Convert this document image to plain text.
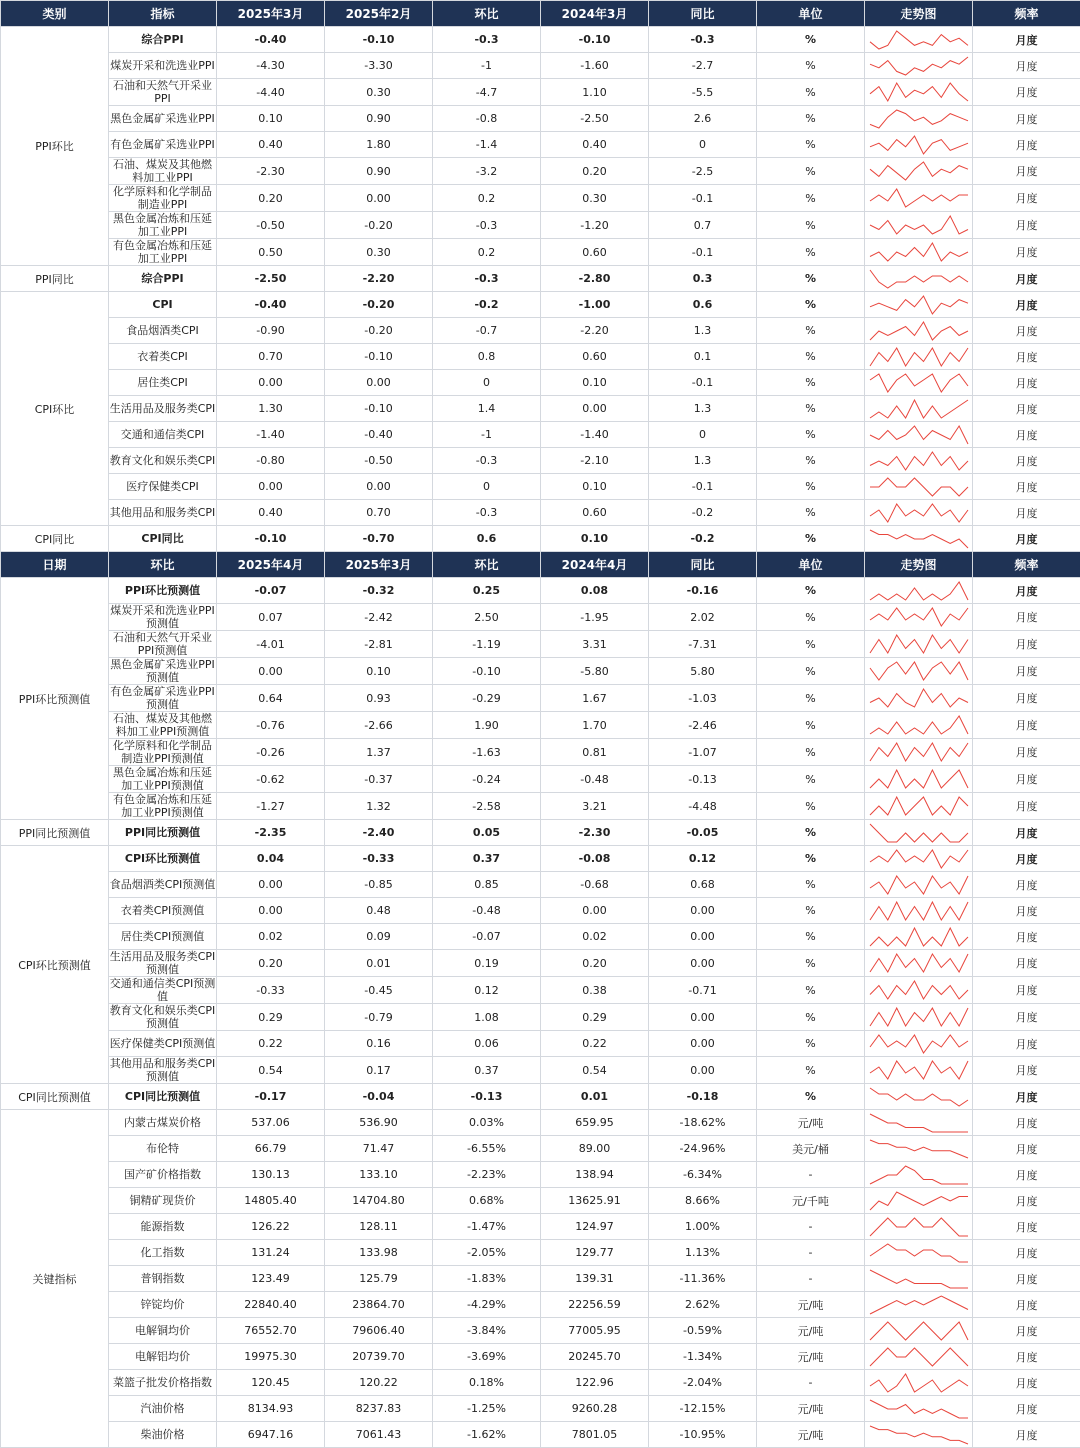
类别	指标	2025年3月	2025年2月	环比	2024年3月	同比	单位	走势图	频率
PPI环比	综合PPI	-0.40	-0.10	-0.3	-0.10	-0.3	%		月度
	煤炭开采和洗选业PPI	-4.30	-3.30	-1	-1.60	-2.7	%		月度
	石油和天然气开采业PPI	-4.40	0.30	-4.7	1.10	-5.5	%		月度
	黑色金属矿采选业PPI	0.10	0.90	-0.8	-2.50	2.6	%		月度
	有色金属矿采选业PPI	0.40	1.80	-1.4	0.40	0	%		月度
	石油、煤炭及其他燃料加工业PPI	-2.30	0.90	-3.2	0.20	-2.5	%		月度
	化学原料和化学制品制造业PPI	0.20	0.00	0.2	0.30	-0.1	%		月度
	黑色金属冶炼和压延加工业PPI	-0.50	-0.20	-0.3	-1.20	0.7	%		月度
	有色金属冶炼和压延加工业PPI	0.50	0.30	0.2	0.60	-0.1	%		月度
PPI同比	综合PPI	-2.50	-2.20	-0.3	-2.80	0.3	%		月度
CPI环比	CPI	-0.40	-0.20	-0.2	-1.00	0.6	%		月度
	食品烟酒类CPI	-0.90	-0.20	-0.7	-2.20	1.3	%		月度
	衣着类CPI	0.70	-0.10	0.8	0.60	0.1	%		月度
	居住类CPI	0.00	0.00	0	0.10	-0.1	%		月度
	生活用品及服务类CPI	1.30	-0.10	1.4	0.00	1.3	%		月度
	交通和通信类CPI	-1.40	-0.40	-1	-1.40	0	%		月度
	教育文化和娱乐类CPI	-0.80	-0.50	-0.3	-2.10	1.3	%		月度
	医疗保健类CPI	0.00	0.00	0	0.10	-0.1	%		月度
	其他用品和服务类CPI	0.40	0.70	-0.3	0.60	-0.2	%		月度
CPI同比	CPI同比	-0.10	-0.70	0.6	0.10	-0.2	%		月度
日期	环比	2025年4月	2025年3月	环比	2024年4月	同比	单位	走势图	频率
PPI环比预测值	PPI环比预测值	-0.07	-0.32	0.25	0.08	-0.16	%		月度
	煤炭开采和洗选业PPI预测值	0.07	-2.42	2.50	-1.95	2.02	%		月度
	石油和天然气开采业PPI预测值	-4.01	-2.81	-1.19	3.31	-7.31	%		月度
	黑色金属矿采选业PPI预测值	0.00	0.10	-0.10	-5.80	5.80	%		月度
	有色金属矿采选业PPI预测值	0.64	0.93	-0.29	1.67	-1.03	%		月度
	石油、煤炭及其他燃料加工业PPI预测值	-0.76	-2.66	1.90	1.70	-2.46	%		月度
	化学原料和化学制品制造业PPI预测值	-0.26	1.37	-1.63	0.81	-1.07	%		月度
	黑色金属冶炼和压延加工业PPI预测值	-0.62	-0.37	-0.24	-0.48	-0.13	%		月度
	有色金属冶炼和压延加工业PPI预测值	-1.27	1.32	-2.58	3.21	-4.48	%		月度
PPI同比预测值	PPI同比预测值	-2.35	-2.40	0.05	-2.30	-0.05	%		月度
CPI环比预测值	CPI环比预测值	0.04	-0.33	0.37	-0.08	0.12	%		月度
	食品烟酒类CPI预测值	0.00	-0.85	0.85	-0.68	0.68	%		月度
	衣着类CPI预测值	0.00	0.48	-0.48	0.00	0.00	%		月度
	居住类CPI预测值	0.02	0.09	-0.07	0.02	0.00	%		月度
	生活用品及服务类CPI预测值	0.20	0.01	0.19	0.20	0.00	%		月度
	交通和通信类CPI预测值	-0.33	-0.45	0.12	0.38	-0.71	%		月度
	教育文化和娱乐类CPI预测值	0.29	-0.79	1.08	0.29	0.00	%		月度
	医疗保健类CPI预测值	0.22	0.16	0.06	0.22	0.00	%		月度
	其他用品和服务类CPI预测值	0.54	0.17	0.37	0.54	0.00	%		月度
CPI同比预测值	CPI同比预测值	-0.17	-0.04	-0.13	0.01	-0.18	%		月度
关键指标	内蒙古煤炭价格	537.06	536.90	0.03%	659.95	-18.62%	元/吨		月度
	布伦特	66.79	71.47	-6.55%	89.00	-24.96%	美元/桶		月度
	国产矿价格指数	130.13	133.10	-2.23%	138.94	-6.34%	-		月度
	铜精矿现货价	14805.40	14704.80	0.68%	13625.91	8.66%	元/千吨		月度
	能源指数	126.22	128.11	-1.47%	124.97	1.00%	-		月度
	化工指数	131.24	133.98	-2.05%	129.77	1.13%	-		月度
	普钢指数	123.49	125.79	-1.83%	139.31	-11.36%	-		月度
	锌锭均价	22840.40	23864.70	-4.29%	22256.59	2.62%	元/吨		月度
	电解铜均价	76552.70	79606.40	-3.84%	77005.95	-0.59%	元/吨		月度
	电解铝均价	19975.30	20739.70	-3.69%	20245.70	-1.34%	元/吨		月度
	菜篮子批发价格指数	120.45	120.22	0.18%	122.96	-2.04%	-		月度
	汽油价格	8134.93	8237.83	-1.25%	9260.28	-12.15%	元/吨		月度
	柴油价格	6947.16	7061.43	-1.62%	7801.05	-10.95%	元/吨		月度
